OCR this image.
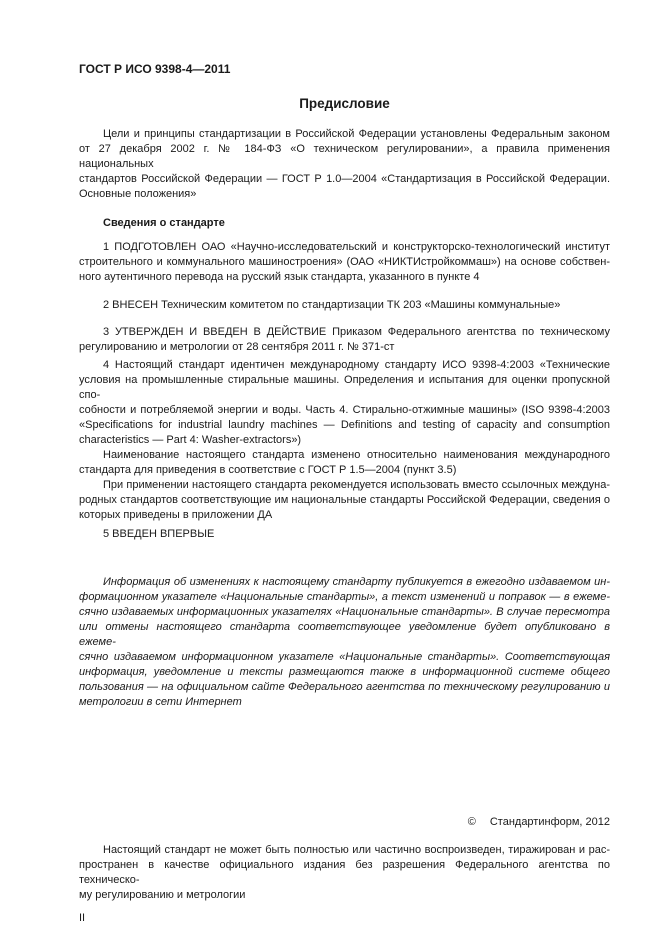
ГОСТ Р ИСО 9398-4—2011
Предисловие
Цели и принципы стандартизации в Российской Федерации установлены Федеральным законом
от 27 декабря 2002 г. № 184-ФЗ «О техническом регулировании», а правила применения национальных
стандартов Российской Федерации — ГОСТ Р 1.0—2004 «Стандартизация в Российской Федерации.
Основные положения»
Сведения о стандарте
1 ПОДГОТОВЛЕН ОАО «Научно-исследовательский и конструкторско-технологический институт
строительного и коммунального машиностроения» (ОАО «НИКТИстройкоммаш») на основе собствен-
ного аутентичного перевода на русский язык стандарта, указанного в пункте 4
2 ВНЕСЕН Техническим комитетом по стандартизации ТК 203 «Машины коммунальные»
3 УТВЕРЖДЕН И ВВЕДЕН В ДЕЙСТВИЕ Приказом Федерального агентства по техническому
регулированию и метрологии от 28 сентября 2011 г. № 371-ст
4 Настоящий стандарт идентичен международному стандарту ИСО 9398-4:2003 «Технические
условия на промышленные стиральные машины. Определения и испытания для оценки пропускной спо-
собности и потребляемой энергии и воды. Часть 4. Стирально-отжимные машины» (ISO 9398-4:2003
«Specifications for industrial laundry machines — Definitions and testing of capacity and consumption
characteristics — Part 4: Washer-extractors»)
Наименование настоящего стандарта изменено относительно наименования международного
стандарта для приведения в соответствие с ГОСТ Р 1.5—2004 (пункт 3.5)
При применении настоящего стандарта рекомендуется использовать вместо ссылочных междуна-
родных стандартов соответствующие им национальные стандарты Российской Федерации, сведения о
которых приведены в приложении ДА
5 ВВЕДЕН ВПЕРВЫЕ
Информация об изменениях к настоящему стандарту публикуется в ежегодно издаваемом ин-
формационном указателе «Национальные стандарты», а текст изменений и поправок — в ежеме-
сячно издаваемых информационных указателях «Национальные стандарты». В случае пересмотра
или отмены настоящего стандарта соответствующее уведомление будет опубликовано в ежеме-
сячно издаваемом информационном указателе «Национальные стандарты». Соответствующая
информация, уведомление и тексты размещаются также в информационной системе общего
пользования — на официальном сайте Федерального агентства по техническому регулированию и
метрологии в сети Интернет
© Стандартинформ, 2012
Настоящий стандарт не может быть полностью или частично воспроизведен, тиражирован и рас-
пространен в качестве официального издания без разрешения Федерального агентства по техническо-
му регулированию и метрологии
II
